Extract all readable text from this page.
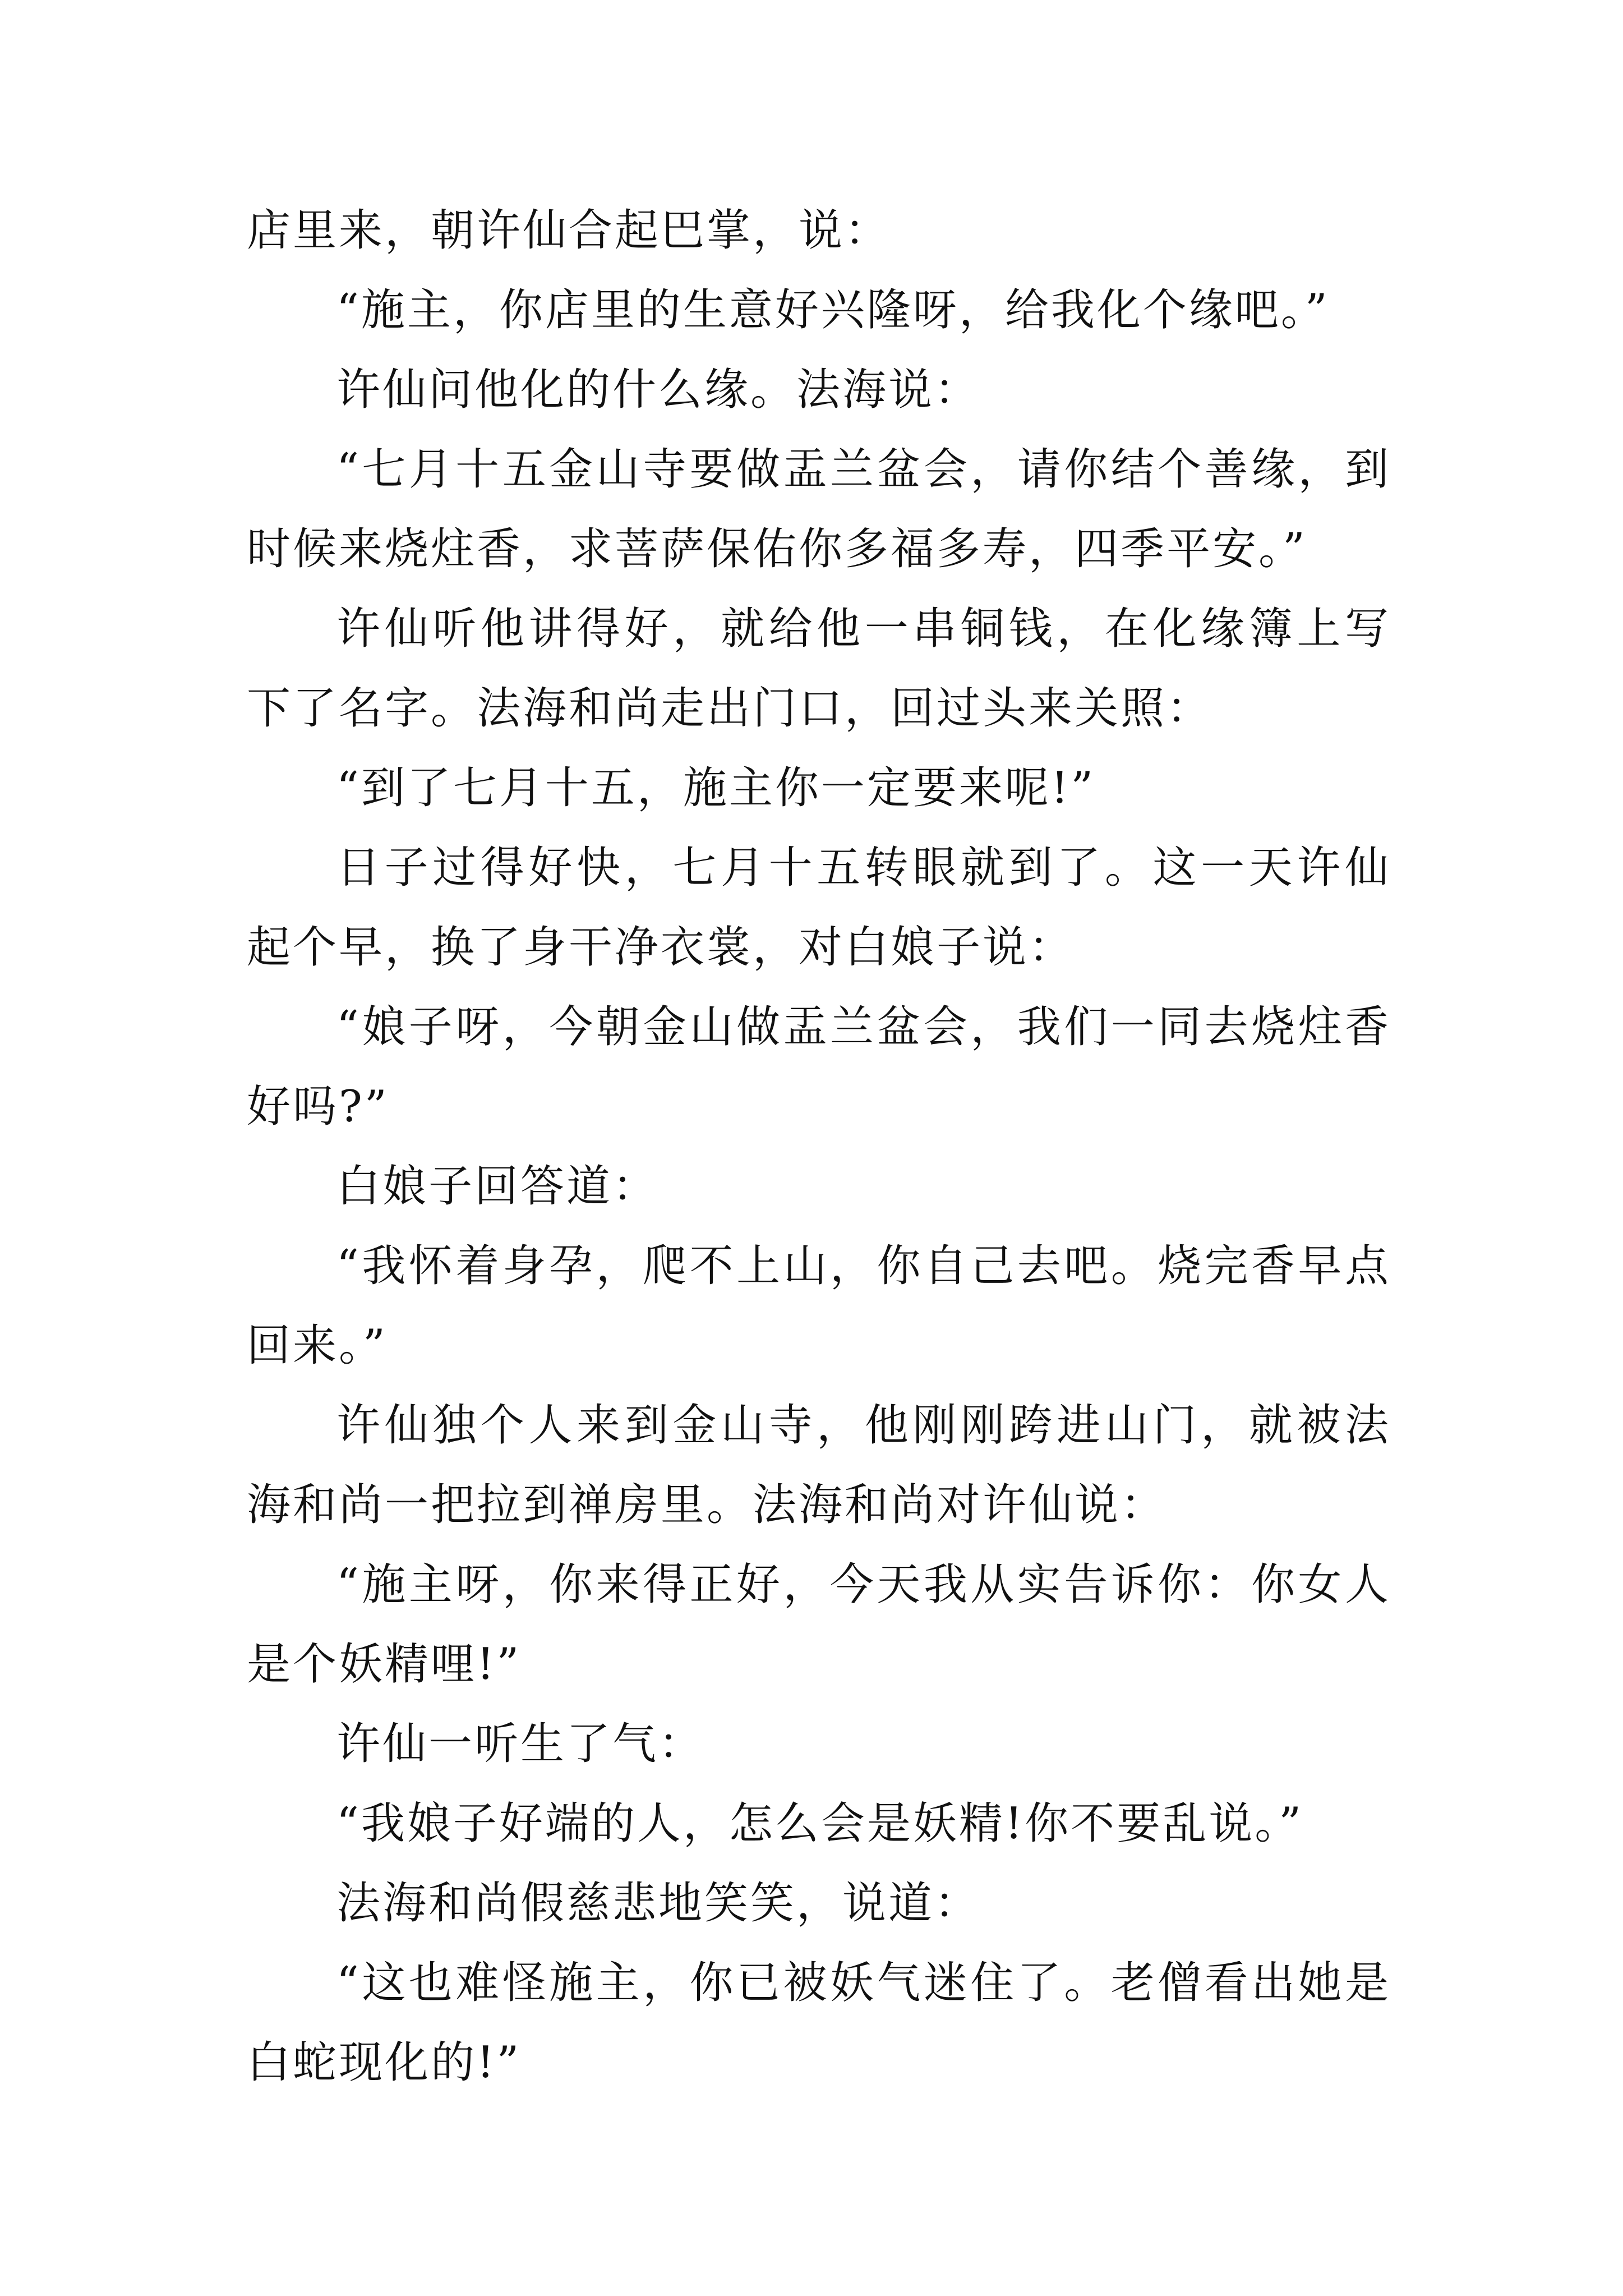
店里来，朝许仙合起巴掌，说：

“施主，你店里的生意好兴隆呀，给我化个缘吧。”

许仙问他化的什么缘。法海说：

“七月十五金山寺要做盂兰盆会，请你结个善缘，到时候来烧炷香，求菩萨保佑你多福多寿，四季平安。”

许仙听他讲得好，就给他一串铜钱，在化缘簿上写下了名字。法海和尚走出门口，回过头来关照：

“到了七月十五，施主你一定要来呢!”

日子过得好快，七月十五转眼就到了。这一天许仙起个早，换了身干净衣裳，对白娘子说：

“娘子呀，今朝金山做盂兰盆会，我们一同去烧炷香好吗?”

白娘子回答道：

“我怀着身孕，爬不上山，你自己去吧。烧完香早点回来。”

许仙独个人来到金山寺，他刚刚跨进山门，就被法海和尚一把拉到禅房里。法海和尚对许仙说：

“施主呀，你来得正好，今天我从实告诉你：你女人是个妖精哩!”

许仙一听生了气：

“我娘子好端的人，怎么会是妖精!你不要乱说。”

法海和尚假慈悲地笑笑，说道：

“这也难怪施主，你已被妖气迷住了。老僧看出她是白蛇现化的!”
